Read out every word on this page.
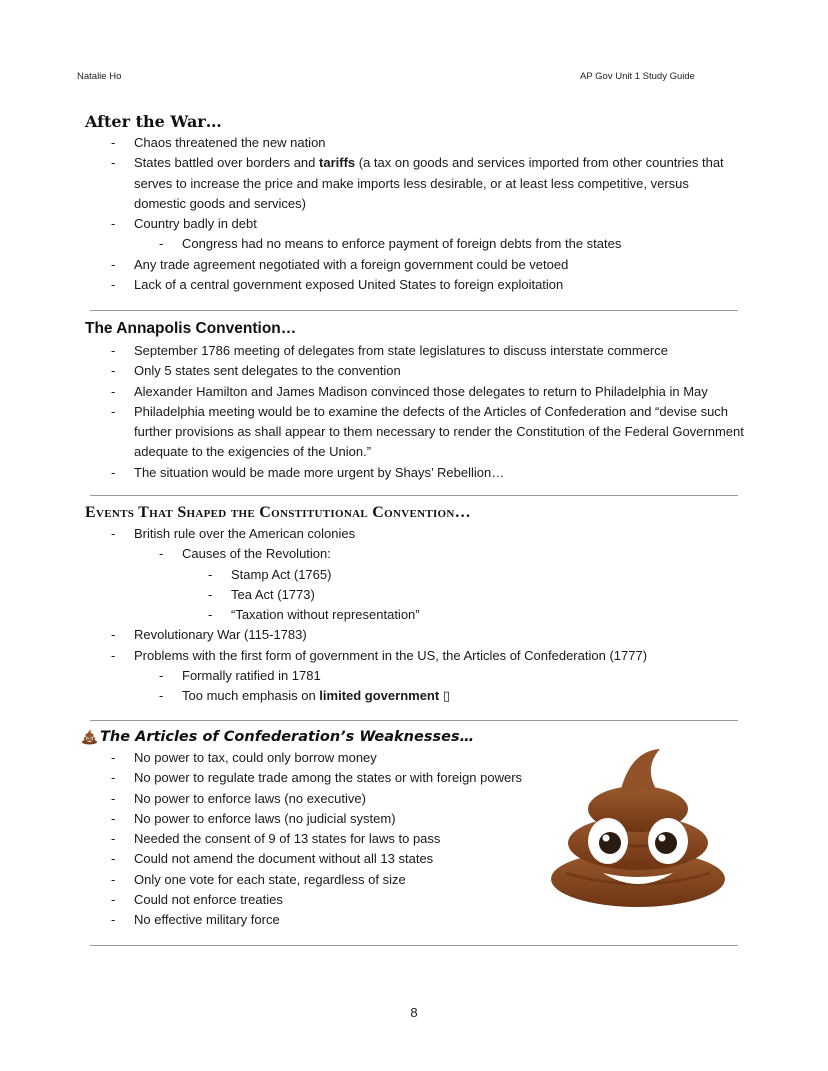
Natalie Ho	AP Gov Unit 1 Study Guide
After the War…
- Chaos threatened the new nation
- States battled over borders and tariffs (a tax on goods and services imported from other countries that serves to increase the price and make imports less desirable, or at least less competitive, versus domestic goods and services)
- Country badly in debt
- Congress had no means to enforce payment of foreign debts from the states
- Any trade agreement negotiated with a foreign government could be vetoed
- Lack of a central government exposed United States to foreign exploitation
The Annapolis Convention…
- September 1786 meeting of delegates from state legislatures to discuss interstate commerce
- Only 5 states sent delegates to the convention
- Alexander Hamilton and James Madison convinced those delegates to return to Philadelphia in May
- Philadelphia meeting would be to examine the defects of the Articles of Confederation and “devise such further provisions as shall appear to them necessary to render the Constitution of the Federal Government adequate to the exigencies of the Union.”
- The situation would be made more urgent by Shays’ Rebellion…
Events That Shaped the Constitutional Convention…
- British rule over the American colonies
- Causes of the Revolution:
- Stamp Act (1765)
- Tea Act (1773)
- “Taxation without representation”
- Revolutionary War (115-1783)
- Problems with the first form of government in the US, the Articles of Confederation (1777)
- Formally ratified in 1781
- Too much emphasis on limited government ▯
The Articles of Confederation’s Weaknesses…
- No power to tax, could only borrow money
- No power to regulate trade among the states or with foreign powers
- No power to enforce laws (no executive)
- No power to enforce laws (no judicial system)
- Needed the consent of 9 of 13 states for laws to pass
- Could not amend the document without all 13 states
- Only one vote for each state, regardless of size
- Could not enforce treaties
- No effective military force
8
